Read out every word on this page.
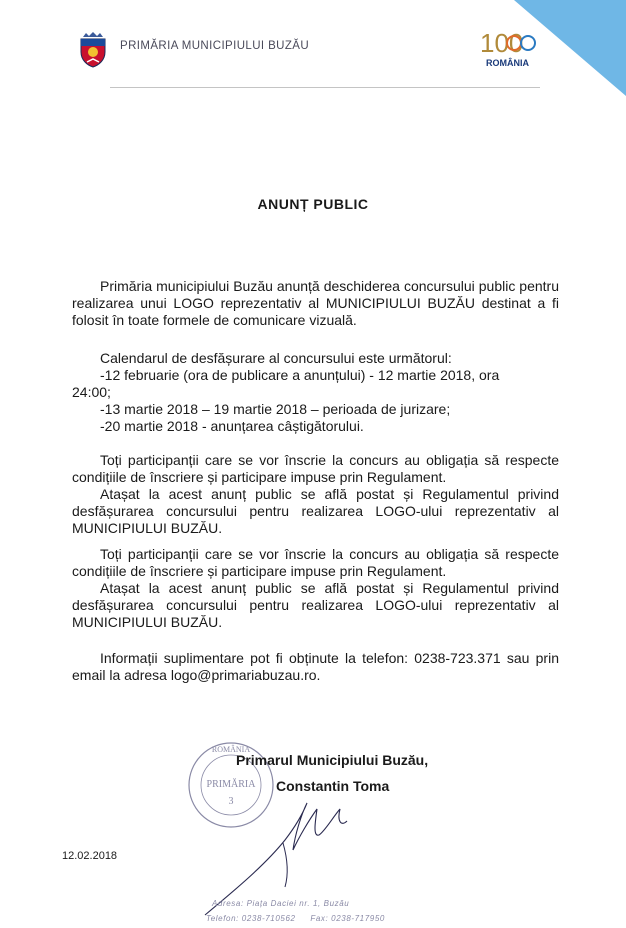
PRIMĂRIA MUNICIPIULUI BUZĂU	100
ROMÂNIA
ANUNȚ PUBLIC

Primăria municipiului Buzău anunță deschiderea concursului public pentru realizarea unui LOGO reprezentativ al MUNICIPIULUI BUZĂU destinat a fi folosit în toate formele de comunicare vizuală.

Calendarul de desfășurare al concursului este următorul:

-12 februarie (ora de publicare a anunțului) - 12 martie 2018, ora

24:00;

-13 martie 2018 – 19 martie 2018 – perioada de jurizare;

-20 martie 2018 - anunțarea câștigătorului.

Toți participanții care se vor înscrie la concurs au obligația să respecte condițiile de înscriere și participare impuse prin Regulament.

Atașat la acest anunț public se află postat și Regulamentul privind desfășurarea concursului pentru realizarea LOGO-ului reprezentativ al MUNICIPIULUI BUZĂU.

Toți participanții care se vor înscrie la concurs au obligația să respecte condițiile de înscriere și participare impuse prin Regulament.

Atașat la acest anunț public se află postat și Regulamentul privind desfășurarea concursului pentru realizarea LOGO-ului reprezentativ al MUNICIPIULUI BUZĂU.

Informații suplimentare pot fi obținute la telefon: 0238-723.371 sau prin email la adresa logo@primariabuzau.ro.

ROMÂNIA
PRIMĂRIA
3
Primarul Municipiului Buzău,
Constantin Toma
12.02.2018
Adresa: Piața Daciei nr. 1, Buzău
Telefon: 0238-710562 Fax: 0238-717950
